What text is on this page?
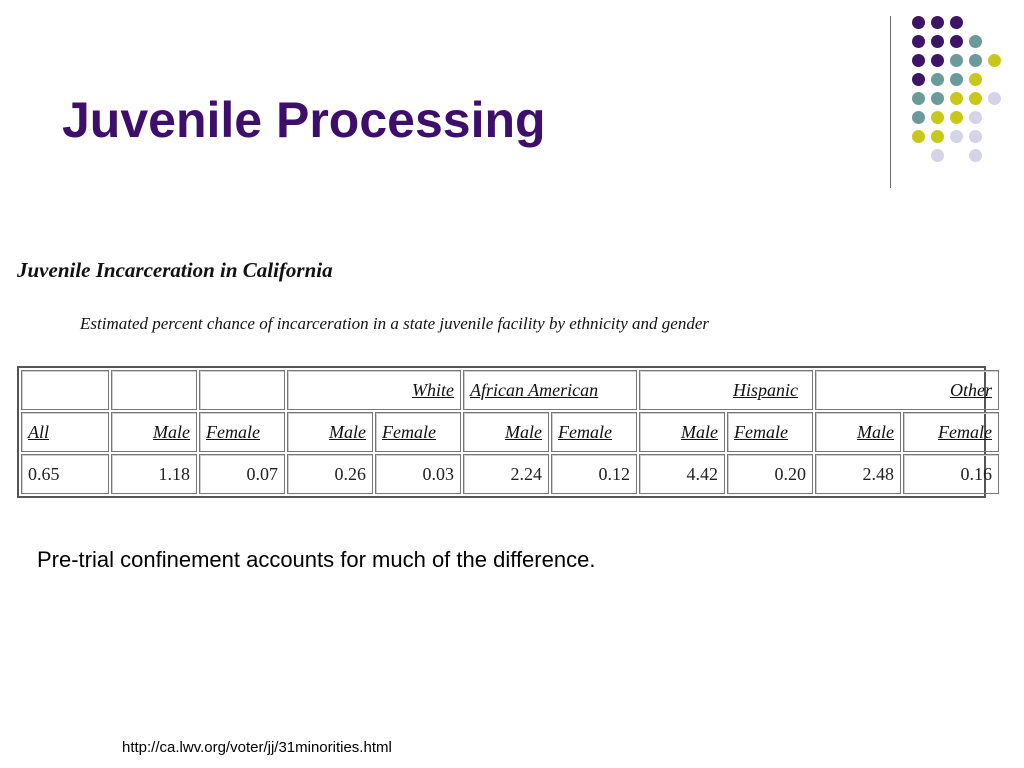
Juvenile Processing
Juvenile Incarceration in California
Estimated percent chance of incarceration in a state juvenile facility by ethnicity and gender
			White		African American		Hispanic		Other	
All	Male	Female	Male	Female	Male	Female	Male	Female	Male	Female
0.65	1.18	0.07	0.26	0.03	2.24	0.12	4.42	0.20	2.48	0.16

Pre-trial confinement accounts for much of the difference.

http://ca.lwv.org/voter/jj/31minorities.html
